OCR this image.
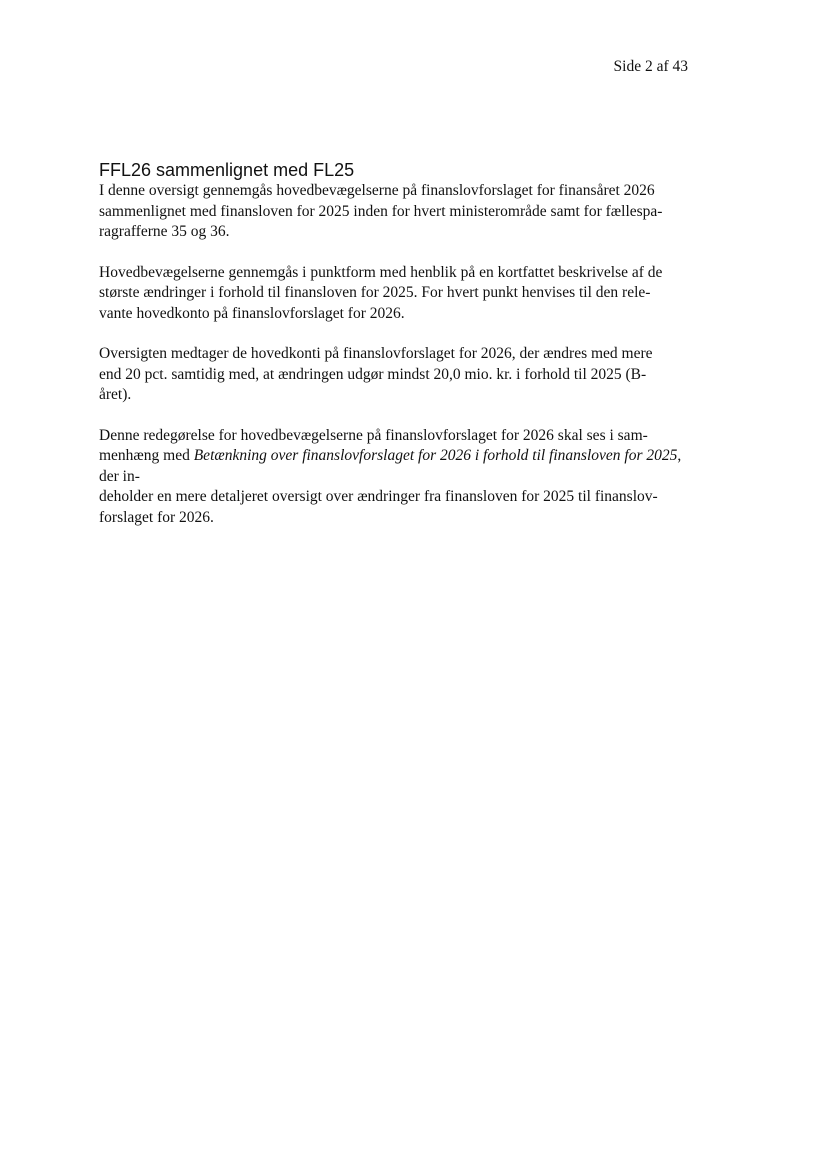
Side 2 af 43
FFL26 sammenlignet med FL25

I denne oversigt gennemgås hovedbevægelserne på finanslovforslaget for finansåret 2026
sammenlignet med finansloven for 2025 inden for hvert ministerområde samt for fællespa-
ragrafferne 35 og 36.

Hovedbevægelserne gennemgås i punktform med henblik på en kortfattet beskrivelse af de
største ændringer i forhold til finansloven for 2025. For hvert punkt henvises til den rele-
vante hovedkonto på finanslovforslaget for 2026.

Oversigten medtager de hovedkonti på finanslovforslaget for 2026, der ændres med mere
end 20 pct. samtidig med, at ændringen udgør mindst 20,0 mio. kr. i forhold til 2025 (B-
året).

Denne redegørelse for hovedbevægelserne på finanslovforslaget for 2026 skal ses i sam-
menhæng med Betænkning over finanslovforslaget for 2026 i forhold til finansloven for 2025, der in-
deholder en mere detaljeret oversigt over ændringer fra finansloven for 2025 til finanslov-
forslaget for 2026.
